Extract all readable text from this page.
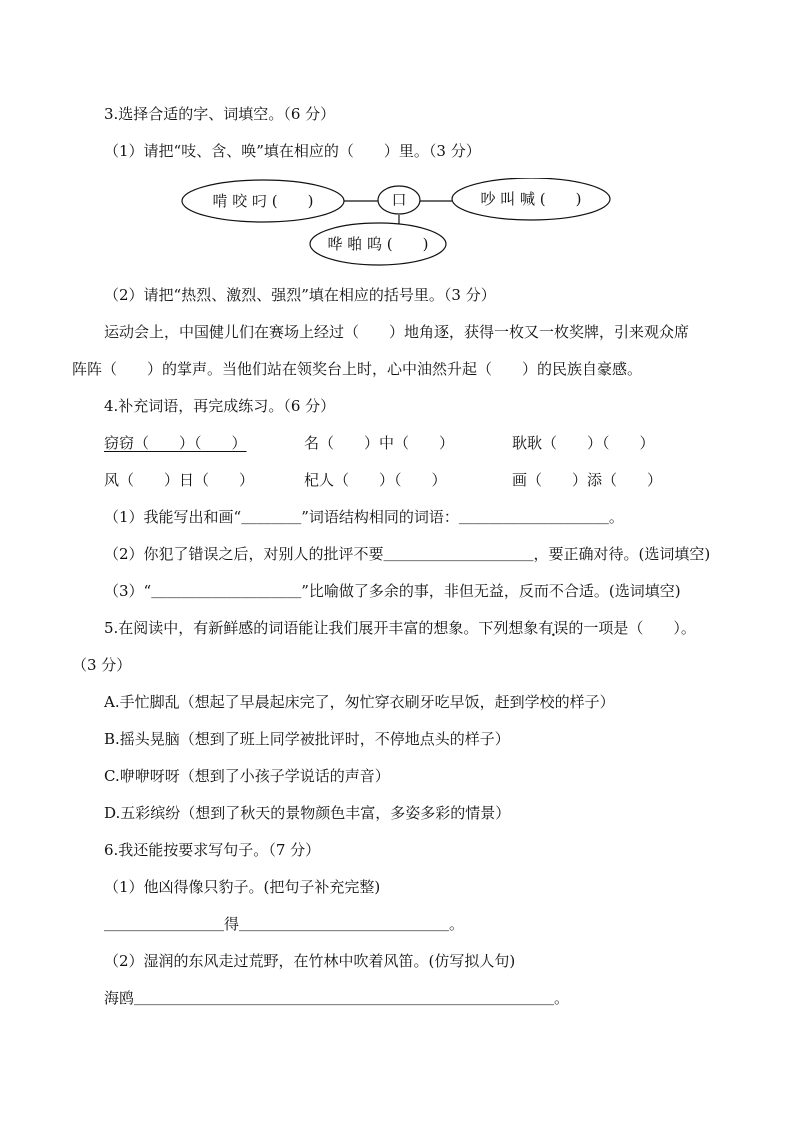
3.选择合适的字、词填空。（6 分）
（1）请把“吱、含、唤”填在相应的（　　）里。（3 分）
啃 咬 叼 (　　)	口	吵 叫 喊 (　　)
哗 啪 呜 (　　)
（2）请把“热烈、激烈、强烈”填在相应的括号里。（3 分）
运动会上，中国健儿们在赛场上经过（　　）地角逐，获得一枚又一枚奖牌，引来观众席
阵阵（　　）的掌声。当他们站在领奖台上时，心中油然升起（　　）的民族自豪感。
4.补充词语，再完成练习。（6 分）
窃窃（　　）（　　）	名（　　）中（　　）	耿耿（　　）（　　）
风（　　）日（　　）	杞人（　　）（　　）	画（　　）添（　　）
（1）我能写出和画“＿＿＿＿”词语结构相同的词语：＿＿＿＿＿＿＿＿＿＿。
（2）你犯了错误之后，对别人的批评不要＿＿＿＿＿＿＿＿＿＿，要正确对待。(选词填空)
（3）“＿＿＿＿＿＿＿＿＿＿”比喻做了多余的事，非但无益，反而不合适。(选词填空)
5.在阅读中，有新鲜感的词语能让我们展开丰富的想象。下列想象有误的一项是（　　）。
（3 分）
A.手忙脚乱（想起了早晨起床完了，匆忙穿衣刷牙吃早饭，赶到学校的样子）
B.摇头晃脑（想到了班上同学被批评时，不停地点头的样子）
C.咿咿呀呀（想到了小孩子学说话的声音）
D.五彩缤纷（想到了秋天的景物颜色丰富，多姿多彩的情景）
6.我还能按要求写句子。（7 分）
（1）他凶得像只豹子。(把句子补充完整)
＿＿＿＿＿＿＿＿得＿＿＿＿＿＿＿＿＿＿＿＿＿＿。
（2）湿润的东风走过荒野，在竹林中吹着风笛。(仿写拟人句)
海鸥＿＿＿＿＿＿＿＿＿＿＿＿＿＿＿＿＿＿＿＿＿＿＿＿＿＿＿＿。
